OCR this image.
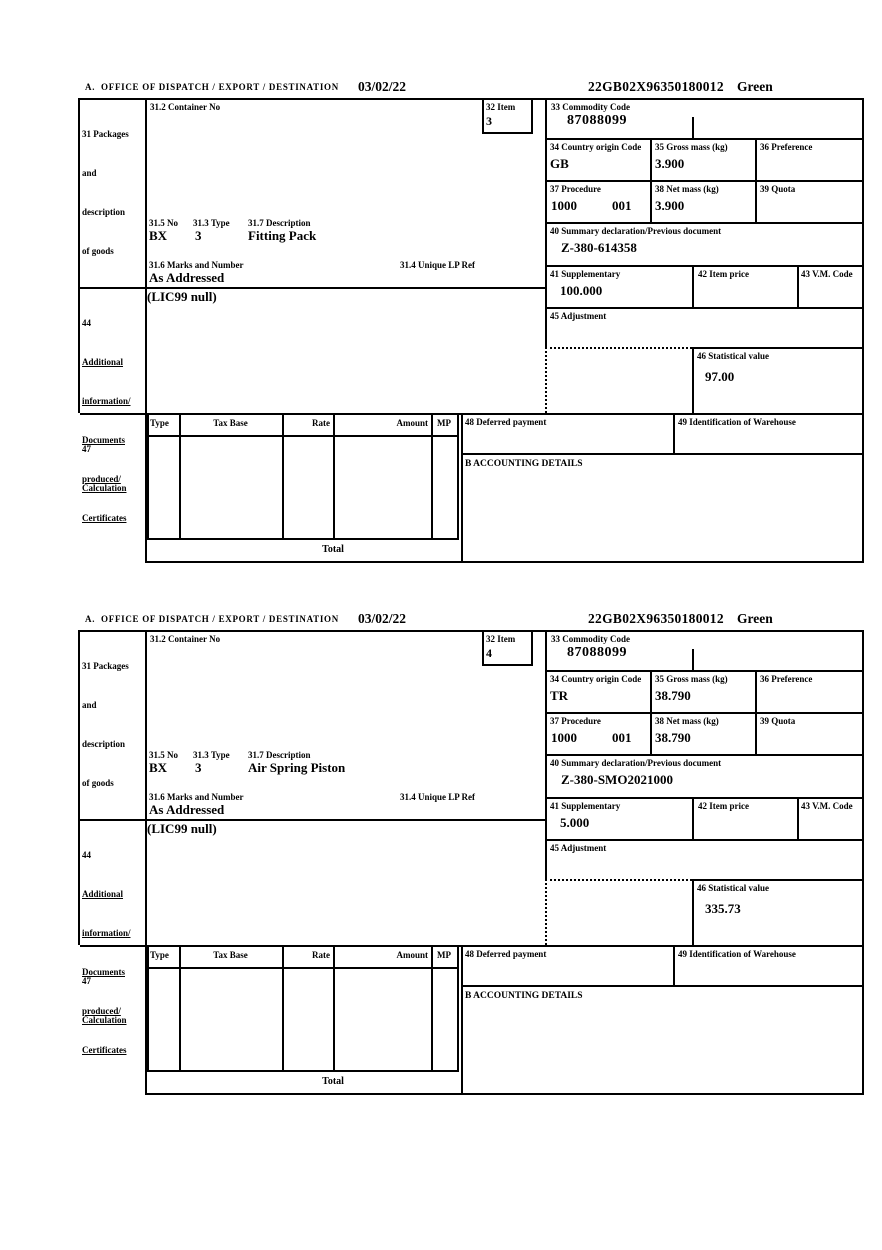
A.  OFFICE OF DISPATCH / EXPORT / DESTINATION 03/02/22	22GB02X96350180012 Green
32 Item
3

31 Packages

and

description

of goods

44

Additional

information/

Documents

produced/

Certificates

47

Calculation

31.2 Container No
31.5 No 31.3 Type 31.7 Description
BX 3	Fitting Pack
31.6 Marks and Number	31.4 Unique LP Ref
As Addressed
(LIC99 null)
33 Commodity Code
87088099
34 Country origin Code
GB
35 Gross mass (kg)
3.900
36 Preference
37 Procedure
1000	001
38 Net mass (kg)
3.900
39 Quota
40 Summary declaration/Previous document
Z-380-614358
41 Supplementary
100.000
42 Item price	43 V.M. Code
45 Adjustment
46 Statistical value
97.00
Type	Tax Base	Rate	Amount	MP	48 Deferred payment	49 Identification of Warehouse
B ACCOUNTING DETAILS
Total
A.  OFFICE OF DISPATCH / EXPORT / DESTINATION 03/02/22	22GB02X96350180012 Green
32 Item
4

31 Packages

and

description

of goods

44

Additional

information/

Documents

produced/

Certificates

47

Calculation

31.2 Container No
31.5 No 31.3 Type 31.7 Description
BX 3	Air Spring Piston
31.6 Marks and Number	31.4 Unique LP Ref
As Addressed
(LIC99 null)
33 Commodity Code
87088099
34 Country origin Code
TR
35 Gross mass (kg)
38.790
36 Preference
37 Procedure
1000	001
38 Net mass (kg)
38.790
39 Quota
40 Summary declaration/Previous document
Z-380-SMO2021000
41 Supplementary
5.000
42 Item price	43 V.M. Code
45 Adjustment
46 Statistical value
335.73
Type	Tax Base	Rate	Amount	MP	48 Deferred payment	49 Identification of Warehouse
B ACCOUNTING DETAILS
Total
